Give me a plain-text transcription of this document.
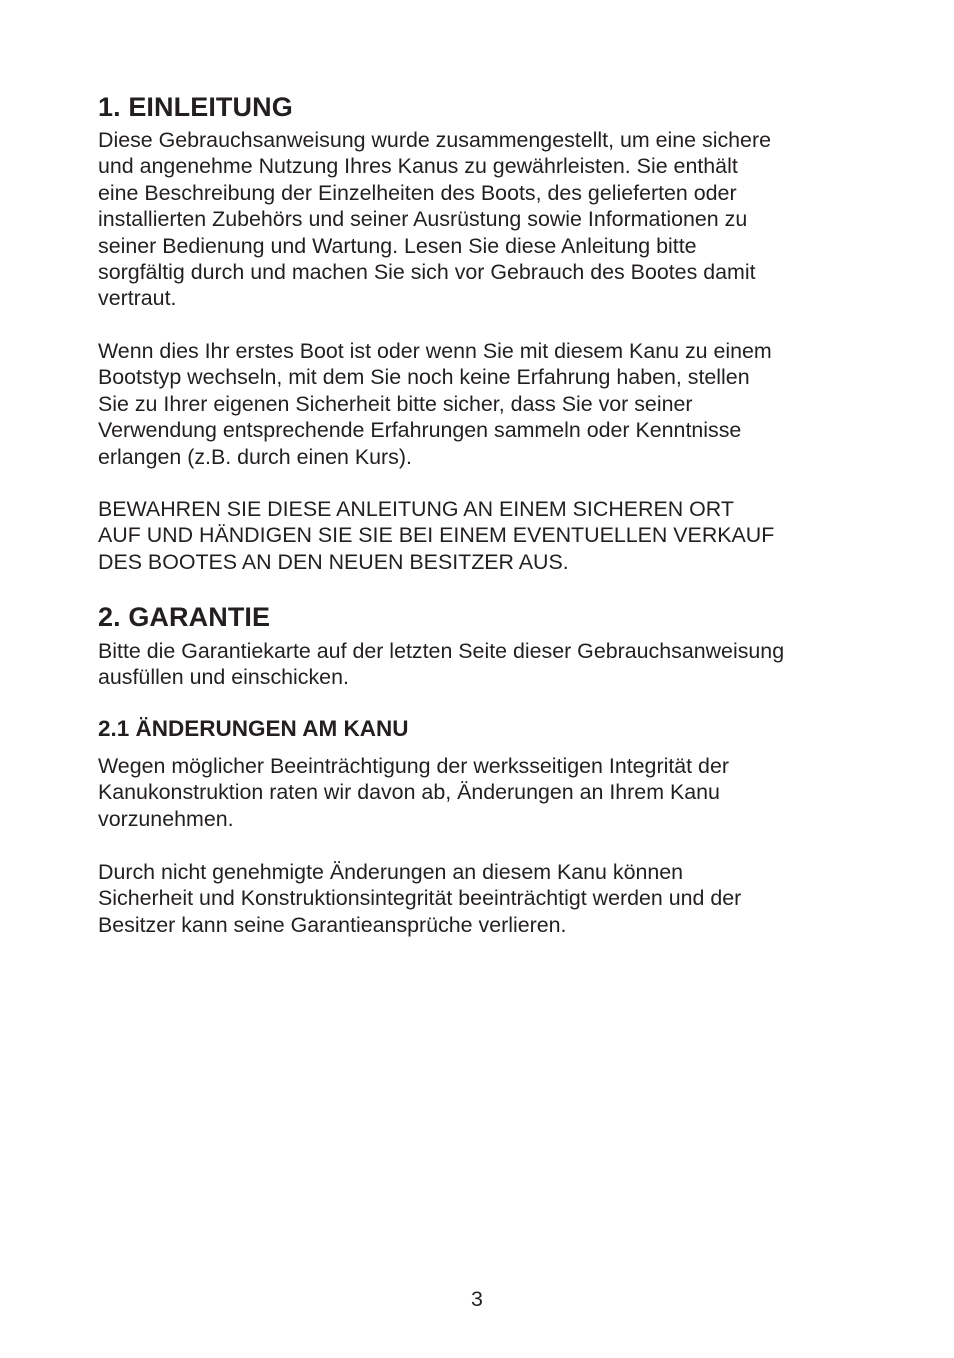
1. EINLEITUNG

Diese Gebrauchsanweisung wurde zusammengestellt, um eine sichere
und angenehme Nutzung Ihres Kanus zu gewährleisten. Sie enthält
eine Beschreibung der Einzelheiten des Boots, des gelieferten oder
installierten Zubehörs und seiner Ausrüstung sowie Informationen zu
seiner Bedienung und Wartung. Lesen Sie diese Anleitung bitte
sorgfältig durch und machen Sie sich vor Gebrauch des Bootes damit
vertraut.

Wenn dies Ihr erstes Boot ist oder wenn Sie mit diesem Kanu zu einem
Bootstyp wechseln, mit dem Sie noch keine Erfahrung haben, stellen
Sie zu Ihrer eigenen Sicherheit bitte sicher, dass Sie vor seiner
Verwendung entsprechende Erfahrungen sammeln oder Kenntnisse
erlangen (z.B. durch einen Kurs).

BEWAHREN SIE DIESE ANLEITUNG AN EINEM SICHEREN ORT
AUF UND HÄNDIGEN SIE SIE BEI EINEM EVENTUELLEN VERKAUF
DES BOOTES AN DEN NEUEN BESITZER AUS.

2. GARANTIE

Bitte die Garantiekarte auf der letzten Seite dieser Gebrauchsanweisung
ausfüllen und einschicken.

2.1 ÄNDERUNGEN AM KANU

Wegen möglicher Beeinträchtigung der werksseitigen Integrität der
Kanukonstruktion raten wir davon ab, Änderungen an Ihrem Kanu
vorzunehmen.

Durch nicht genehmigte Änderungen an diesem Kanu können
Sicherheit und Konstruktionsintegrität beeinträchtigt werden und der
Besitzer kann seine Garantieansprüche verlieren.

3
